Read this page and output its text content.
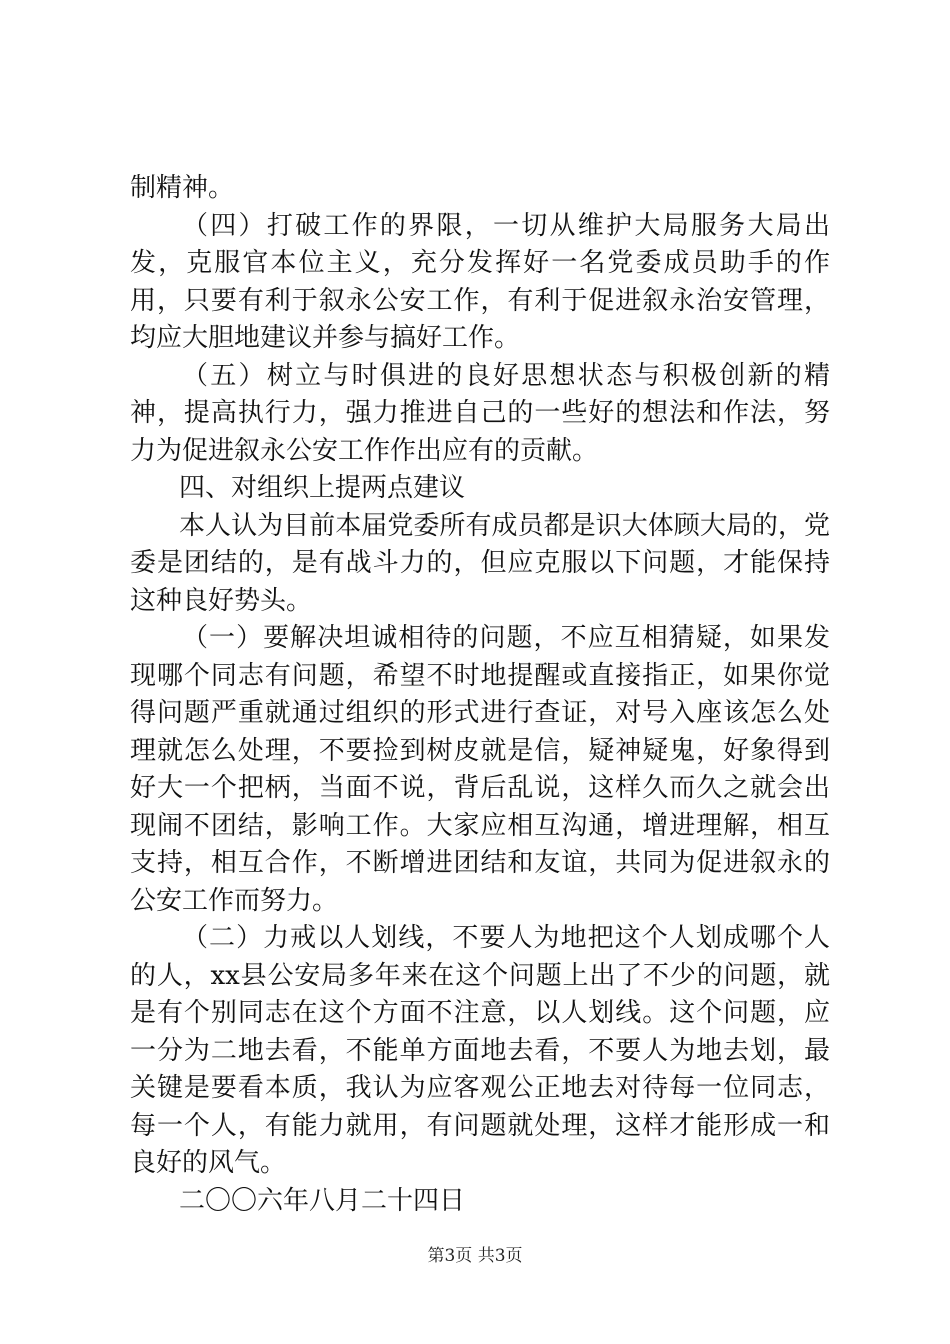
制精神。

（四）打破工作的界限，一切从维护大局服务大局出发，克服官本位主义，充分发挥好一名党委成员助手的作用，只要有利于叙永公安工作，有利于促进叙永治安管理，均应大胆地建议并参与搞好工作。

（五）树立与时俱进的良好思想状态与积极创新的精神，提高执行力，强力推进自己的一些好的想法和作法，努力为促进叙永公安工作作出应有的贡献。

四、对组织上提两点建议

本人认为目前本届党委所有成员都是识大体顾大局的，党委是团结的，是有战斗力的，但应克服以下问题，才能保持这种良好势头。

（一）要解决坦诚相待的问题，不应互相猜疑，如果发现哪个同志有问题，希望不时地提醒或直接指正，如果你觉得问题严重就通过组织的形式进行查证，对号入座该怎么处理就怎么处理，不要捡到树皮就是信，疑神疑鬼，好象得到好大一个把柄，当面不说，背后乱说，这样久而久之就会出现闹不团结，影响工作。大家应相互沟通，增进理解，相互支持，相互合作，不断增进团结和友谊，共同为促进叙永的公安工作而努力。

（二）力戒以人划线，不要人为地把这个人划成哪个人的人，xx县公安局多年来在这个问题上出了不少的问题，就是有个别同志在这个方面不注意，以人划线。这个问题，应一分为二地去看，不能单方面地去看，不要人为地去划，最关键是要看本质，我认为应客观公正地去对待每一位同志，每一个人，有能力就用，有问题就处理，这样才能形成一和良好的风气。

二〇〇六年八月二十四日

第3页 共3页
